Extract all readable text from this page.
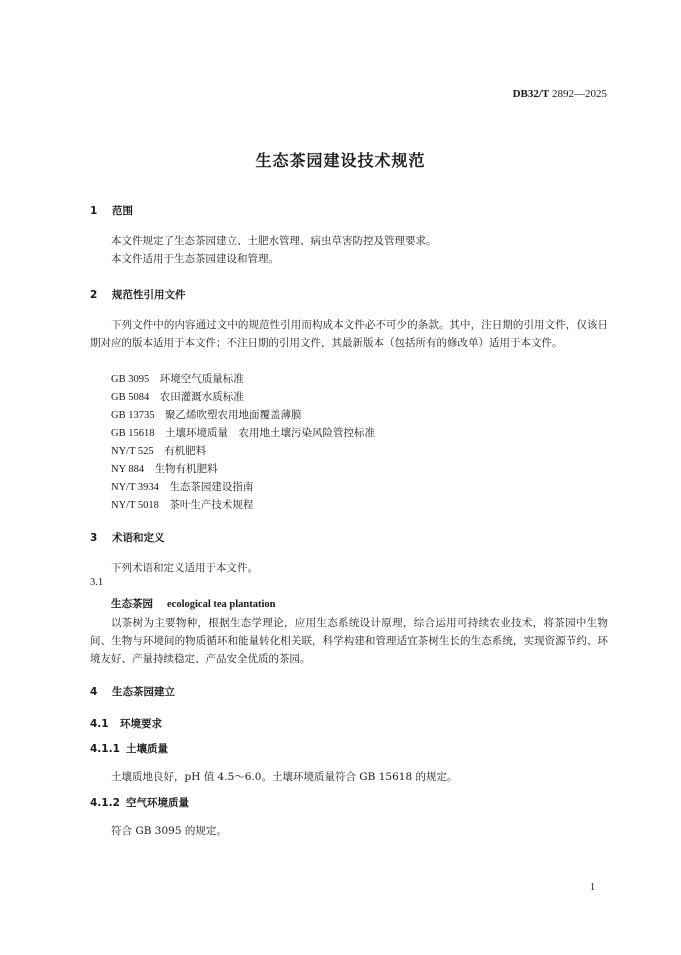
DB32/T 2892—2025
生态茶园建设技术规范
1 范围
本文件规定了生态茶园建立、土肥水管理、病虫草害防控及管理要求。
本文件适用于生态茶园建设和管理。
2 规范性引用文件
下列文件中的内容通过文中的规范性引用而构成本文件必不可少的条款。其中，注日期的引用文件，仅该日期对应的版本适用于本文件；不注日期的引用文件，其最新版本（包括所有的修改单）适用于本文件。
GB 3095　 环境空气质量标准
GB 5084　 农田灌溉水质标准
GB 13735　 聚乙烯吹塑农用地面覆盖薄膜
GB 15618　 土壤环境质量　农用地土壤污染风险管控标准
NY/T 525　 有机肥料
NY 884　 生物有机肥料
NY/T 3934　 生态茶园建设指南
NY/T 5018　 茶叶生产技术规程
3 术语和定义
下列术语和定义适用于本文件。
3.1
生态茶园 ecological tea plantation
以茶树为主要物种，根据生态学理论，应用生态系统设计原理，综合运用可持续农业技术，将茶园中生物间、生物与环境间的物质循环和能量转化相关联，科学构建和管理适宜茶树生长的生态系统，实现资源节约、环境友好、产量持续稳定、产品安全优质的茶园。
4 生态茶园建立
4.1 环境要求
4.1.1 土壤质量
土壤质地良好，pH 值 4.5～6.0。土壤环境质量符合 GB 15618 的规定。
4.1.2 空气环境质量
符合 GB 3095 的规定。
1
